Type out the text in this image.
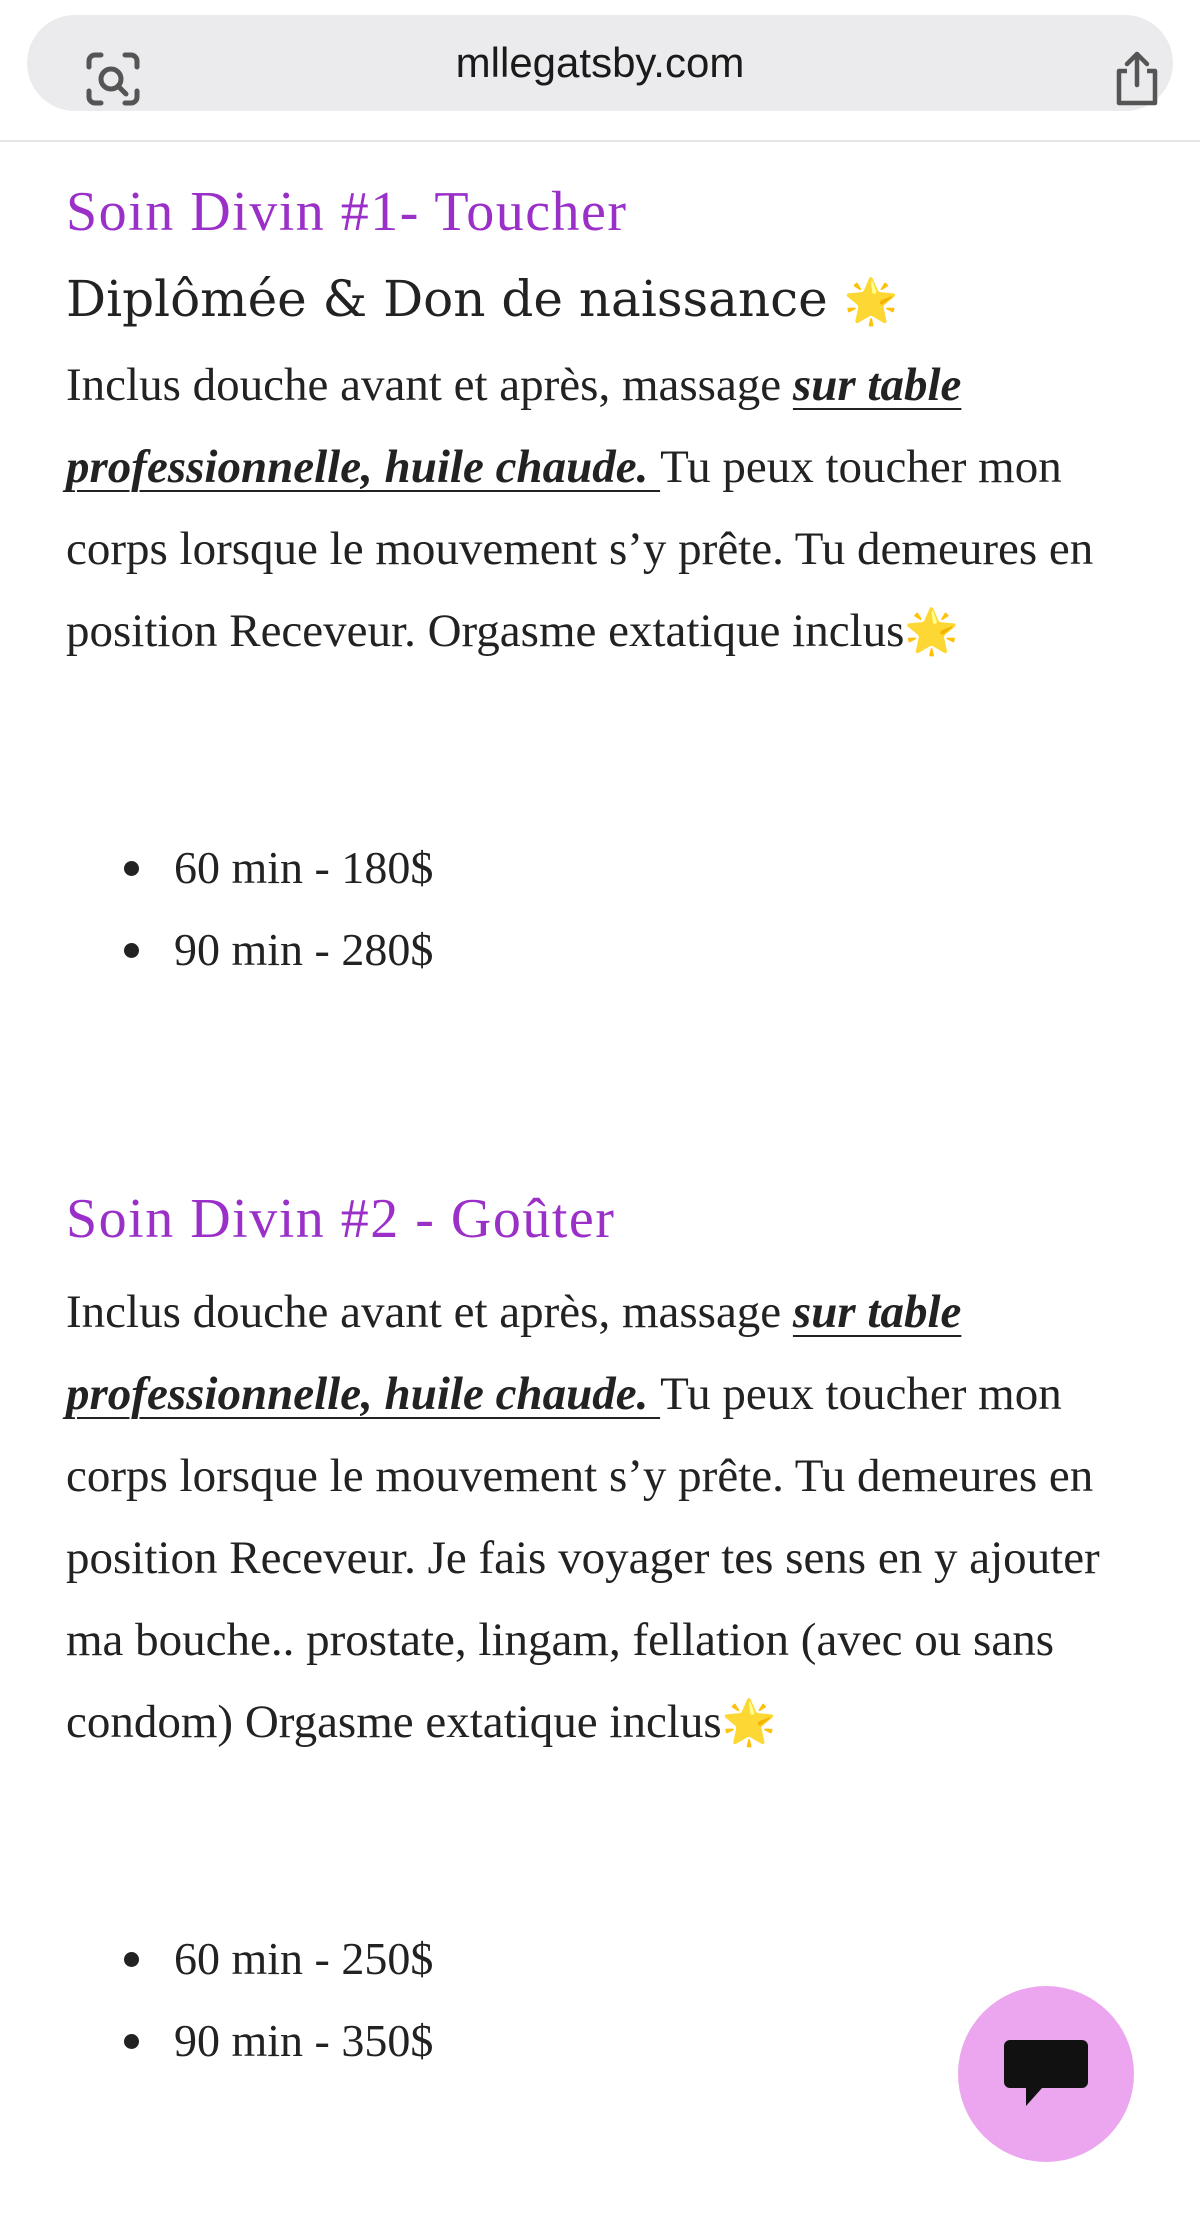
mllegatsby.com
Soin Divin #1- Toucher

Diplômée & Don de naissance 🌟

Inclus douche avant et après, massage sur table professionnelle, huile chaude. Tu peux toucher mon corps lorsque le mouvement s’y prête. Tu demeures en position Receveur. Orgasme extatique inclus🌟

60 min - 180$
90 min - 280$
Soin Divin #2 - Goûter

Inclus douche avant et après, massage sur table professionnelle, huile chaude. Tu peux toucher mon corps lorsque le mouvement s’y prête. Tu demeures en position Receveur. Je fais voyager tes sens en y ajouter ma bouche.. prostate, lingam, fellation (avec ou sans condom) Orgasme extatique inclus🌟

60 min - 250$
90 min - 350$
